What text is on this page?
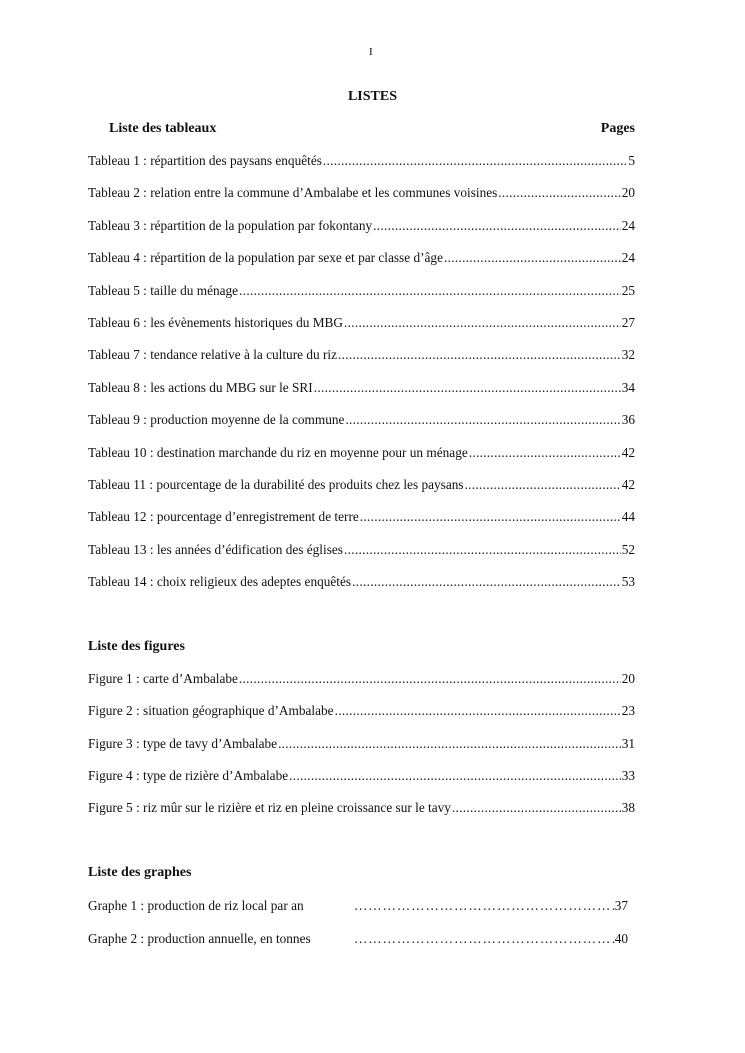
I
LISTES
Liste des tableaux	Pages
Tableau 1 : répartition des paysans enquêtés .....	5
Tableau 2 : relation entre la commune d’Ambalabe et les communes voisines .....	20
Tableau 3 : répartition de la population par fokontany .....	24
Tableau 4 : répartition de la population par sexe et par classe d’âge .....	24
Tableau 5 : taille du ménage .....	25
Tableau 6 : les évènements historiques du MBG .....	27
Tableau 7 : tendance relative à la culture du riz .....	32
Tableau 8 : les actions du MBG sur le SRI .....	34
Tableau 9 : production moyenne de la commune .....	36
Tableau 10 : destination marchande du riz en moyenne pour un ménage .....	42
Tableau 11 : pourcentage de la durabilité des produits chez les paysans .....	42
Tableau 12 : pourcentage d’enregistrement de terre .....	44
Tableau 13 : les années d’édification des églises .....	52
Tableau 14 : choix religieux des adeptes enquêtés .....	53
Liste des figures
Figure 1 : carte d’Ambalabe .....	20
Figure 2 : situation géographique d’Ambalabe .....	23
Figure 3 : type de tavy d’Ambalabe .....	31
Figure 4 : type de rizière d’Ambalabe .....	33
Figure 5 : riz mûr sur le rizière et riz en pleine croissance sur le tavy .....	38
Liste des graphes
Graphe 1 : production de riz local par an …………………………………………………………………………………………………	37
Graphe 2 : production annuelle, en tonnes …………………………………………………………………………………………………	40
